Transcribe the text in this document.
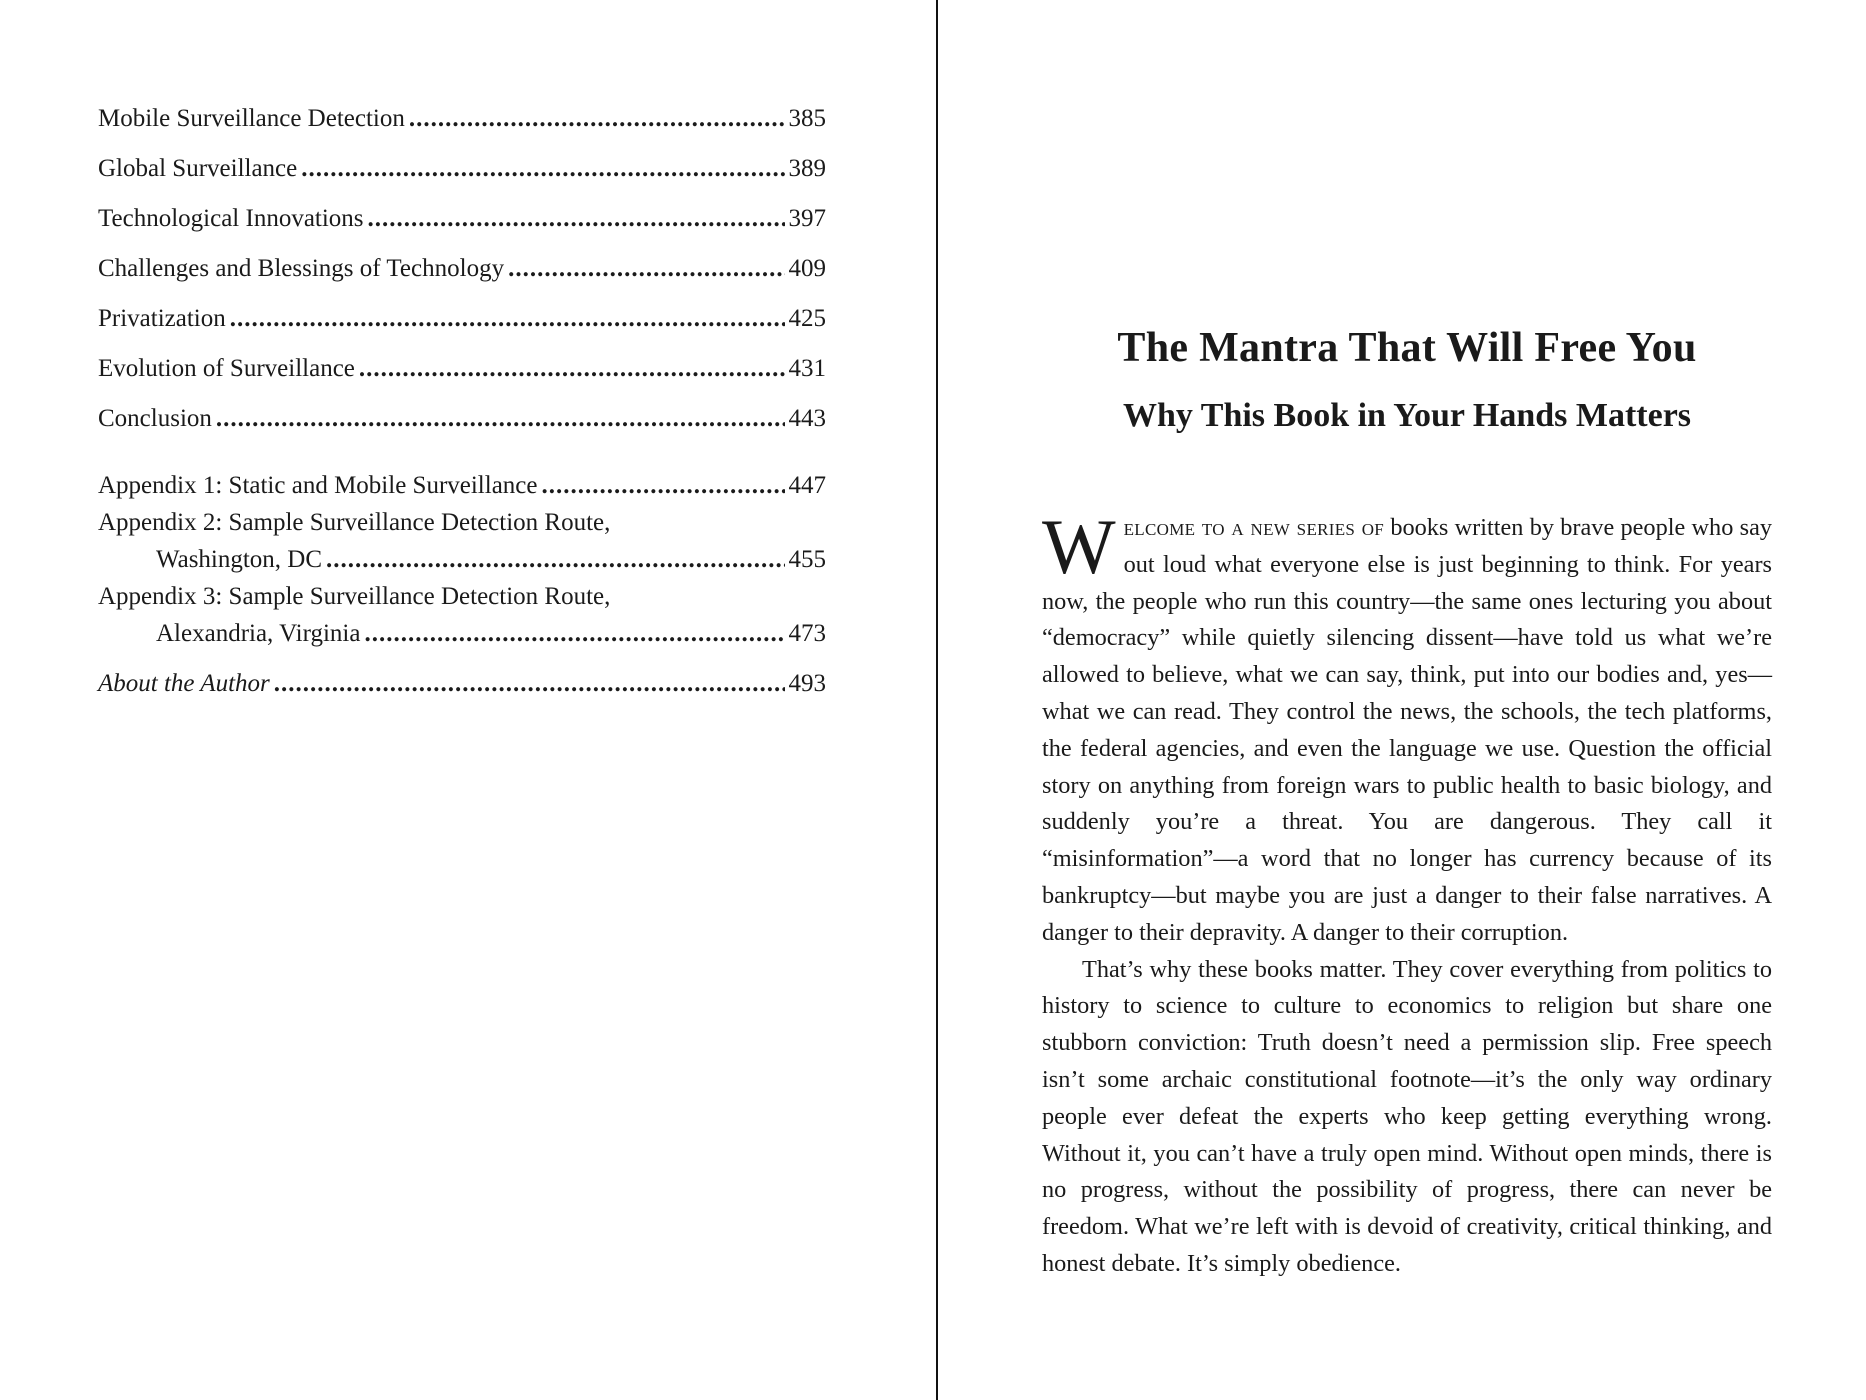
Mobile Surveillance Detection .....	385
Global Surveillance .....	389
Technological Innovations .....	397
Challenges and Blessings of Technology .....	409
Privatization .....	425
Evolution of Surveillance .....	431
Conclusion .....	443
Appendix 1: Static and Mobile Surveillance .....	447
Appendix 2: Sample Surveillance Detection Route,
Washington, DC .....	455
Appendix 3: Sample Surveillance Detection Route,
Alexandria, Virginia .....	473
About the Author .....	493
The Mantra That Will Free You
Why This Book in Your Hands Matters

Welcome to a new series of books written by brave people who say out loud what everyone else is just beginning to think. For years now, the people who run this country—the same ones lecturing you about “democracy” while quietly silencing dissent—have told us what we’re allowed to believe, what we can say, think, put into our bodies and, yes—what we can read. They control the news, the schools, the tech platforms, the federal agencies, and even the language we use. Question the official story on anything from foreign wars to public health to basic biology, and suddenly you’re a threat. You are dangerous. They call it “misinformation”—a word that no longer has currency because of its bankruptcy—but maybe you are just a danger to their false narratives. A danger to their depravity. A danger to their corruption.

That’s why these books matter. They cover everything from politics to history to science to culture to economics to religion but share one stubborn conviction: Truth doesn’t need a permission slip. Free speech isn’t some archaic constitutional footnote—it’s the only way ordinary people ever defeat the experts who keep getting everything wrong. Without it, you can’t have a truly open mind. Without open minds, there is no progress, without the possibility of progress, there can never be freedom. What we’re left with is devoid of creativity, critical thinking, and honest debate. It’s simply obedience.
